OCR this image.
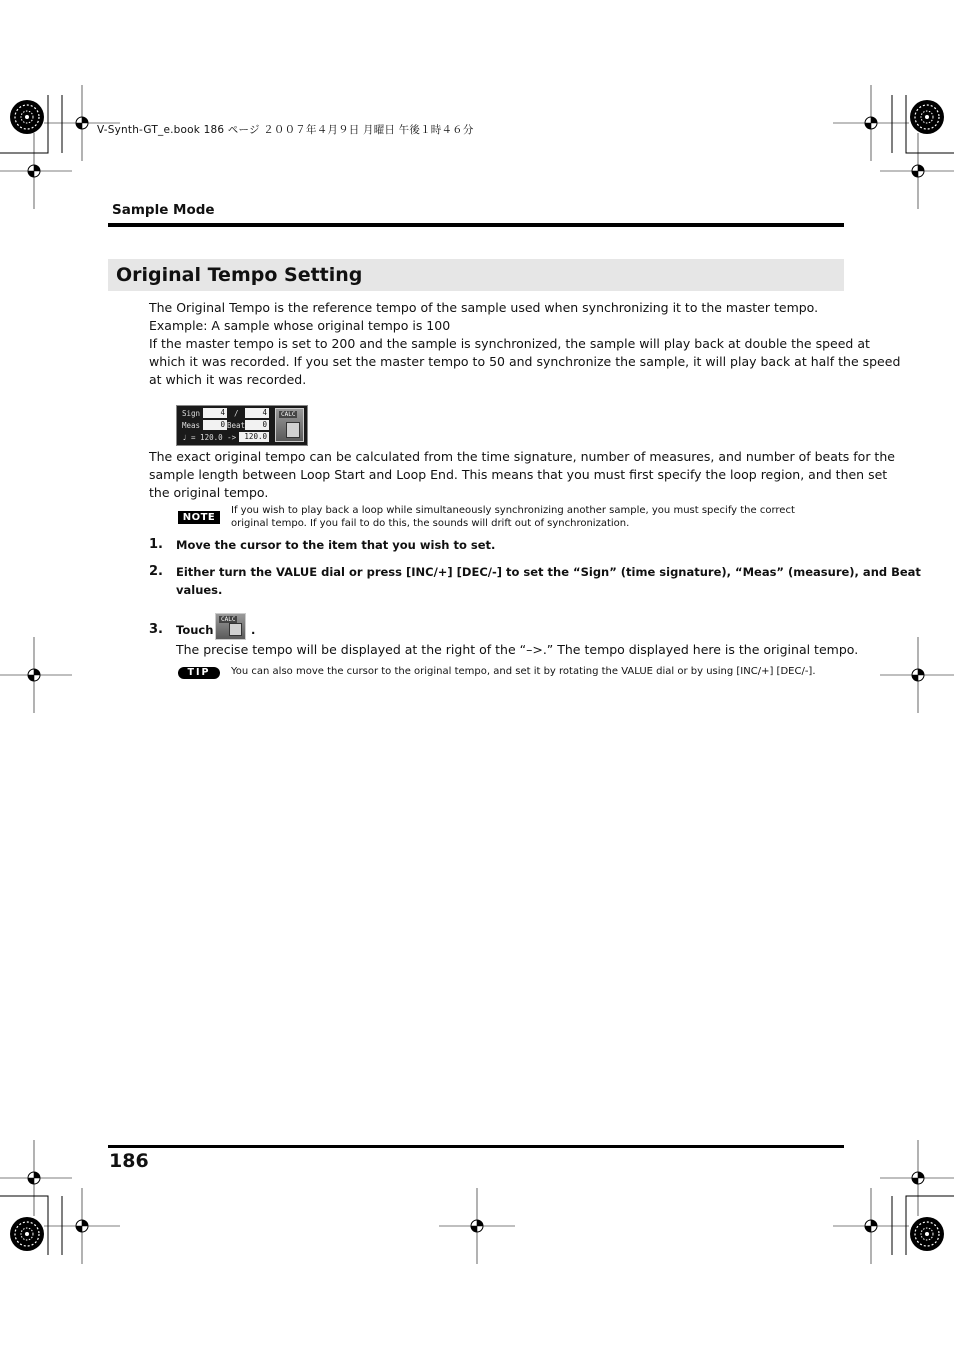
V-Synth-GT_e.book 186 ページ ２００７年４月９日 月曜日 午後１時４６分
Sample Mode
Original Tempo Setting
The Original Tempo is the reference tempo of the sample used when synchronizing it to the master tempo.
Example: A sample whose original tempo is 100
If the master tempo is set to 200 and the sample is synchronized, the sample will play back at double the speed at
which it was recorded. If you set the master tempo to 50 and synchronize the sample, it will play back at half the speed
at which it was recorded.
Sign	4 /	4
Meas	0 Beat	0
♩ = 120.0 ->	120.0
CALC
The exact original tempo can be calculated from the time signature, number of measures, and number of beats for the
sample length between Loop Start and Loop End. This means that you must first specify the loop region, and then set
the original tempo.
NOTE
If you wish to play back a loop while simultaneously synchronizing another sample, you must specify the correct
original tempo. If you fail to do this, the sounds will drift out of synchronization.
1. Move the cursor to the item that you wish to set.
2. Either turn the VALUE dial or press [INC/+] [DEC/-] to set the “Sign” (time signature), “Meas” (measure), and Beat
values.
3. Touch
CALC
.
The precise tempo will be displayed at the right of the “–>.” The tempo displayed here is the original tempo.
TIP	You can also move the cursor to the original tempo, and set it by rotating the VALUE dial or by using [INC/+] [DEC/-].
186
